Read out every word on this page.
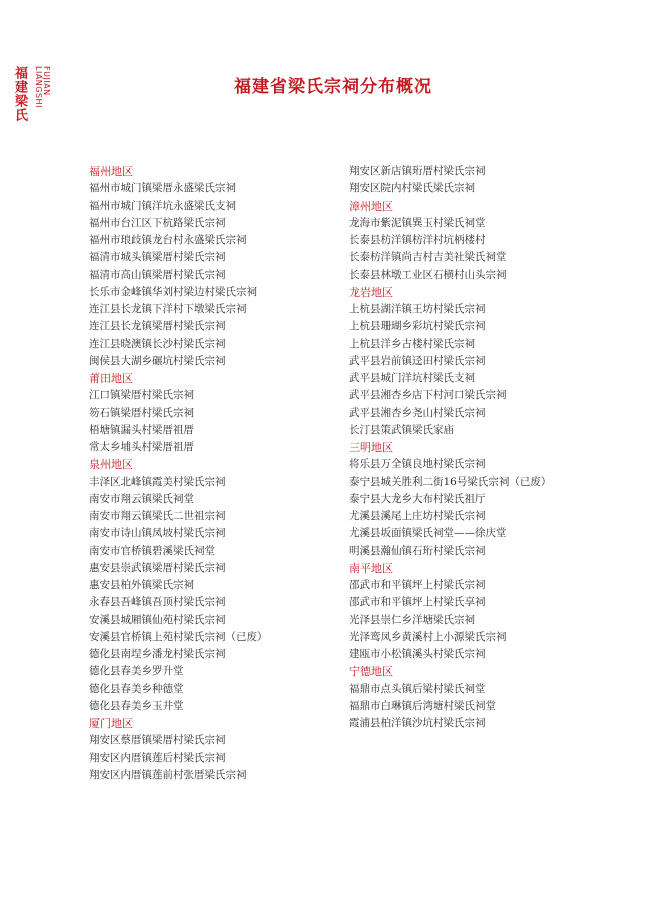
福建梁氏	FUJIAN LIANGSHI	福建省梁氏宗祠分布概况
福州地区
福州市城门镇梁厝永盛梁氏宗祠
福州市城门镇洋坑永盛梁氏支祠
福州市台江区下杭路梁氏宗祠
福州市琅歧镇龙台村永盛梁氏宗祠
福清市城头镇梁厝村梁氏宗祠
福清市高山镇梁厝村梁氏宗祠
长乐市金峰镇华刘村梁边村梁氏宗祠
连江县长龙镇下洋村下墩梁氏宗祠
连江县长龙镇梁厝村梁氏宗祠
连江县晓澳镇长沙村梁氏宗祠
闽侯县大湖乡碾坑村梁氏宗祠
莆田地区
江口镇梁厝村梁氏宗祠
笏石镇梁厝村梁氏宗祠
梧塘镇漏头村梁厝祖厝
常太乡埔头村梁厝祖厝
泉州地区
丰泽区北峰镇霞美村梁氏宗祠
南安市翔云镇梁氏祠堂
南安市翔云镇梁氏二世祖宗祠
南安市诗山镇凤坡村梁氏宗祠
南安市官桥镇碧溪梁氏祠堂
惠安县崇武镇梁厝村梁氏宗祠
惠安县柏外镇梁氏宗祠
永春县吾峰镇吾顶村梁氏宗祠
安溪县城厢镇仙苑村梁氏宗祠
安溪县官桥镇上苑村梁氏宗祠（已废）
德化县南埕乡潘龙村梁氏宗祠
德化县春美乡罗升堂
德化县春美乡种德堂
德化县春美乡玉井堂
厦门地区
翔安区蔡厝镇梁厝村梁氏宗祠
翔安区内厝镇莲后村梁氏宗祠
翔安区内厝镇莲前村张厝梁氏宗祠
翔安区新店镇珩厝村梁氏宗祠
翔安区院内村梁氏梁氏宗祠
漳州地区
龙海市紫泥镇巽玉村梁氏祠堂
长泰县枋洋镇枋洋村坑柄楼村
长泰枋洋镇尚吉村吉美社梁氏祠堂
长泰县林墩工业区石横村山头宗祠
龙岩地区
上杭县湖洋镇王坊村梁氏宗祠
上杭县珊瑚乡彩坑村梁氏宗祠
上杭县洋乡古楼村梁氏宗祠
武平县岩前镇迳田村梁氏宗祠
武平县城门洋坑村梁氏支祠
武平县湘杏乡店下村河口梁氏宗祠
武平县湘杏乡尧山村梁氏宗祠
长汀县策武镇梁氏家庙
三明地区
将乐县万全镇良地村梁氏宗祠
泰宁县城关胜利二街16号梁氏宗祠（已废）
泰宁县大龙乡大布村梁氏祖厅
尤溪县溪尾上庄坊村梁氏宗祠
尤溪县坂面镇梁氏祠堂——徐庆堂
明溪县瀚仙镇石珩村梁氏宗祠
南平地区
邵武市和平镇坪上村梁氏宗祠
邵武市和平镇坪上村梁氏享祠
光泽县崇仁乡洋塘梁氏宗祠
光泽鸾凤乡黄溪村上小源梁氏宗祠
建瓯市小松镇溪头村梁氏宗祠
宁德地区
福鼎市点头镇后梁村梁氏祠堂
福鼎市白琳镇后湾塘村梁氏祠堂
霞浦县柏洋镇沙坑村梁氏宗祠
